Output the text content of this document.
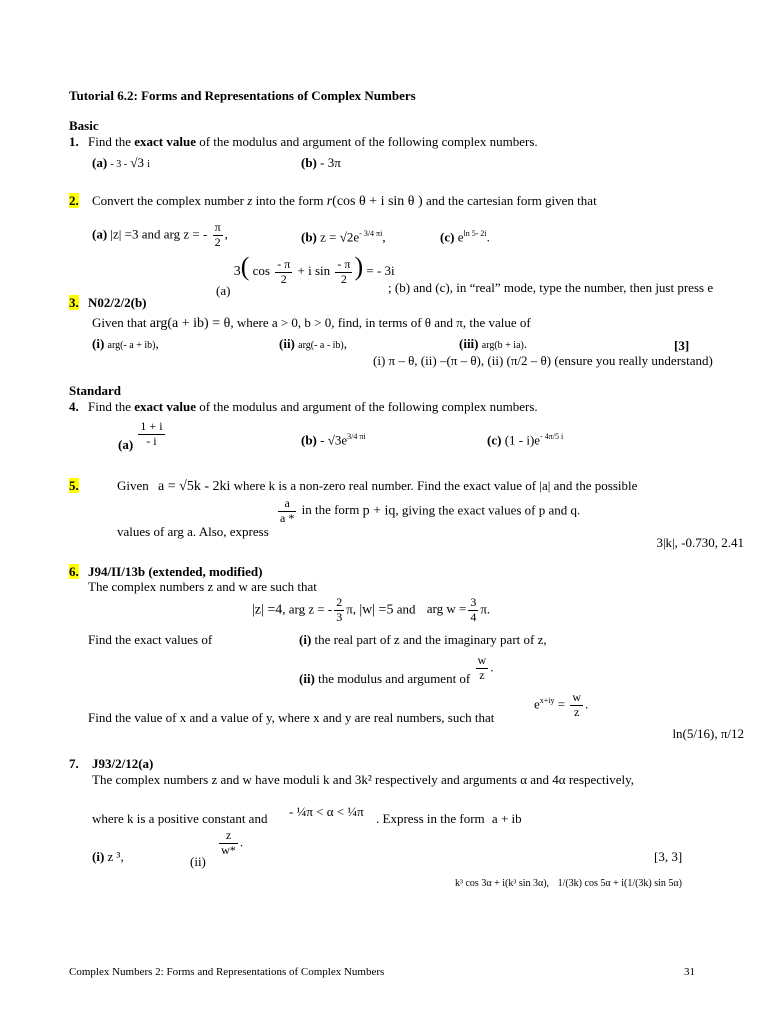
Tutorial 6.2: Forms and Representations of Complex Numbers
Basic
1. Find the exact value of the modulus and argument of the following complex numbers.
(a) - 3 - √3 i	(b) - 3π
2. Convert the complex number z into the form r(cos θ + i sin θ ) and the cartesian form given that
(a) |z| =3 and arg z = - $\frac{\pi}{2}$ ,	(b) $z = √2e^{- 3/4 \pi i}$,	(c) $e^{ln 5- 2i}$.
(a) 3( $\cos \frac{- \pi}{2} + i$ $\sin \frac{- \pi}{2}$ ) = - 3i
; (b) and (c), in “real” mode, type the number, then just press e
3. N02/2/2(b)
Given that arg(a + ib) = θ, where a > 0, b > 0, find, in terms of θ and π, the value of
(i) arg(- a + ib),	(ii) arg(- a - ib),	(iii) arg(b + ia).	[3]
(i) π – θ, (ii) –(π – θ), (ii) (π/2 – θ) (ensure you really understand)
Standard
4. Find the exact value of the modulus and argument of the following complex numbers.
$(a) \frac{1 + i}{- i}$	$(b) - √3e^{3/4 \pi i}$	(c) $(1 - i)e^{- 4\pi/5 i}$
5.	Given a = √5k - 2ki where k is a non-zero real number. Find the exact value of |a| and the possible
values of arg a. Also, express
$\frac{a}{a *}$ in the form p + iq, giving the exact values of p and q.
3|k|, -0.730, 2.41
6. J94/II/13b (extended, modified)
The complex numbers z and w are such that
|z| =4, arg z = - $\frac{2}{3} \pi$, |w| =5 and arg $w = \frac{3}{4} \pi$.
Find the exact values of	(i) the real part of z and the imaginary part of z,
(ii) the modulus and argument of $\frac{w}{z}$ .
Find the value of x and a value of y, where x and y are real numbers, such that
$e^{x+iy} = \frac{w}{z}$ .
ln(5/16), π/12
7. J93/2/12(a)
The complex numbers z and w have moduli k and 3k² respectively and arguments α and 4α respectively,
where k is a positive constant and - ¼π < α < ¼π . Express in the form a + ib
(i) z ³,	(ii)
$\frac{z}{w*}$ .
[3, 3]
k³ cos 3α + i(k³ sin 3α), 1/(3k) cos 5α + i(1/(3k) sin 5α)
Complex Numbers 2: Forms and Representations of Complex Numbers	31
